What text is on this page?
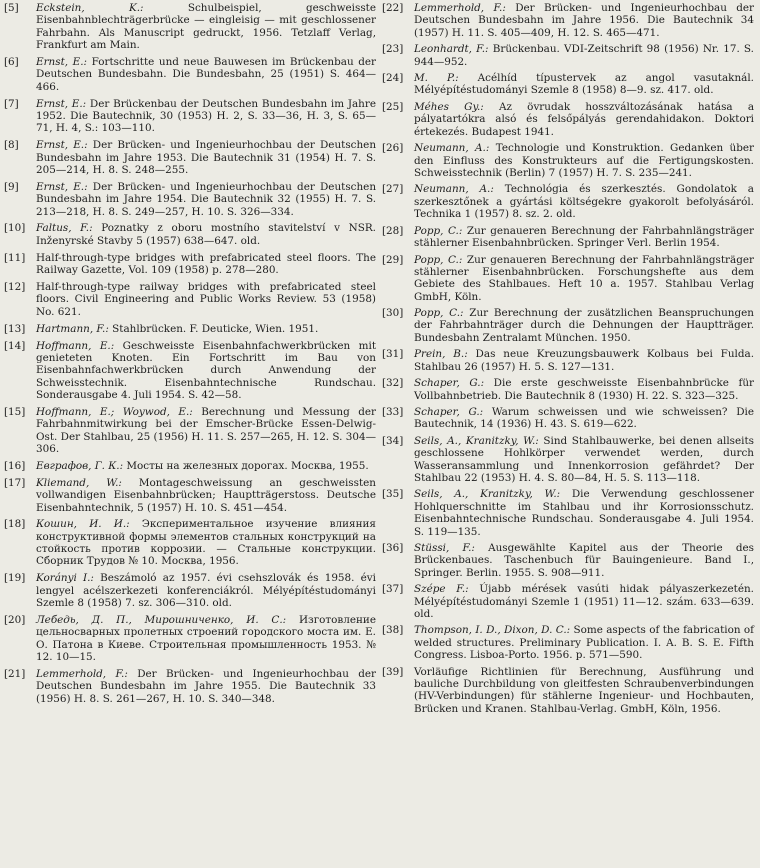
[5]	Eckstein, K.: Schulbeispiel, geschweisste Eisenbahnblechträgerbrücke — eingleisig — mit geschlossener Fahrbahn. Als Manuscript gedruckt, 1956. Tetzlaff Verlag, Frankfurt am Main.
[6]	Ernst, E.: Fortschritte und neue Bauwesen im Brückenbau der Deutschen Bundesbahn. Die Bundesbahn, 25 (1951) S. 464—466.
[7]	Ernst, E.: Der Brückenbau der Deutschen Bundesbahn im Jahre 1952. Die Bautechnik, 30 (1953) H. 2, S. 33—36, H. 3, S. 65—71, H. 4, S.: 103—110.
[8]	Ernst, E.: Der Brücken- und Ingenieurhochbau der Deutschen Bundesbahn im Jahre 1953. Die Bautechnik 31 (1954) H. 7. S. 205—214, H. 8. S. 248—255.
[9]	Ernst, E.: Der Brücken- und Ingenieurhochbau der Deutschen Bundesbahn im Jahre 1954. Die Bautechnik 32 (1955) H. 7. S. 213—218, H. 8. S. 249—257, H. 10. S. 326—334.
[10]	Faltus, F.: Poznatky z oboru mostního stavitelství v NSR. Inženyrské Stavby 5 (1957) 638—647. old.
[11]	Half-through-type bridges with prefabricated steel floors. The Railway Gazette, Vol. 109 (1958) p. 278—280.
[12]	Half-through-type railway bridges with prefabricated steel floors. Civil Engineering and Public Works Review. 53 (1958) No. 621.
[13]	Hartmann, F.: Stahlbrücken. F. Deuticke, Wien. 1951.
[14]	Hoffmann, E.: Geschweisste Eisenbahnfachwerkbrücken mit genieteten Knoten. Ein Fortschritt im Bau von Eisenbahnfachwerkbrücken durch Anwendung der Schweisstechnik. Eisenbahntechnische Rundschau. Sonderausgabe 4. Juli 1954. S. 42—58.
[15]	Hoffmann, E.; Woywod, E.: Berechnung und Messung der Fahrbahnmitwirkung bei der Emscher-Brücke Essen-Delwig-Ost. Der Stahlbau, 25 (1956) H. 11. S. 257—265, H. 12. S. 304—306.
[16]	Евграфов, Г. К.: Мосты на железных дорогах. Москва, 1955.
[17]	Kliemand, W.: Montageschweissung an geschweissten vollwandigen Eisenbahnbrücken; Hauptträgerstoss. Deutsche Eisenbahntechnik, 5 (1957) H. 10. S. 451—454.
[18]	Кошин, И. И.: Экспериментальное изучение влияния конструктивной формы элементов стальных конструкций на стойкость против коррозии. — Стальные конструкции. Сборник Трудов № 10. Москва, 1956.
[19]	Korányi I.: Beszámoló az 1957. évi csehszlovák és 1958. évi lengyel acélszerkezeti konferenciákról. Mélyépítéstudományi Szemle 8 (1958) 7. sz. 306—310. old.
[20]	Лебедь, Д. П., Мирошниченко, И. С.: Изготовление цельносварных пролетных строений городского моста им. Е. О. Патона в Киеве. Строительная промышленность 1953. № 12. 10—15.
[21]	Lemmerhold, F.: Der Brücken- und Ingenieurhochbau der Deutschen Bundesbahn im Jahre 1955. Die Bautechnik 33 (1956) H. 8. S. 261—267, H. 10. S. 340—348.
[22]	Lemmerhold, F.: Der Brücken- und Ingenieurhochbau der Deutschen Bundesbahn im Jahre 1956. Die Bautechnik 34 (1957) H. 11. S. 405—409, H. 12. S. 465—471.
[23]	Leonhardt, F.: Brückenbau. VDI-Zeitschrift 98 (1956) Nr. 17. S. 944—952.
[24]	M. P.: Acélhíd típustervek az angol vasutaknál. Mélyépítéstudományi Szemle 8 (1958) 8—9. sz. 417. old.
[25]	Méhes Gy.: Az övrudak hosszváltozásának hatása a pályatartókra alsó és felsőpályás gerendahidakon. Doktori értekezés. Budapest 1941.
[26]	Neumann, A.: Technologie und Konstruktion. Gedanken über den Einfluss des Konstrukteurs auf die Fertigungskosten. Schweisstechnik (Berlin) 7 (1957) H. 7. S. 235—241.
[27]	Neumann, A.: Technológia és szerkesztés. Gondolatok a szerkesztőnek a gyártási költségekre gyakorolt befolyásáról. Technika 1 (1957) 8. sz. 2. old.
[28]	Popp, C.: Zur genaueren Berechnung der Fahrbahnlängsträger stählerner Eisenbahnbrücken. Springer Verl. Berlin 1954.
[29]	Popp, C.: Zur genaueren Berechnung der Fahrbahnlängsträger stählerner Eisenbahnbrücken. Forschungshefte aus dem Gebiete des Stahlbaues. Heft 10 a. 1957. Stahlbau Verlag GmbH, Köln.
[30]	Popp, C.: Zur Berechnung der zusätzlichen Beanspruchungen der Fahrbahnträger durch die Dehnungen der Hauptträger. Bundesbahn Zentralamt München. 1950.
[31]	Prein, B.: Das neue Kreuzungsbauwerk Kolbaus bei Fulda. Stahlbau 26 (1957) H. 5. S. 127—131.
[32]	Schaper, G.: Die erste geschweisste Eisenbahnbrücke für Vollbahnbetrieb. Die Bautechnik 8 (1930) H. 22. S. 323—325.
[33]	Schaper, G.: Warum schweissen und wie schweissen? Die Bautechnik, 14 (1936) H. 43. S. 619—622.
[34]	Seils, A., Kranitzky, W.: Sind Stahlbauwerke, bei denen allseits geschlossene Hohlkörper verwendet werden, durch Wasseransammlung und Innenkorrosion gefährdet? Der Stahlbau 22 (1953) H. 4. S. 80—84, H. 5. S. 113—118.
[35]	Seils, A., Kranitzky, W.: Die Verwendung geschlossener Hohlquerschnitte im Stahlbau und ihr Korrosionsschutz. Eisenbahntechnische Rundschau. Sonderausgabe 4. Juli 1954. S. 119—135.
[36]	Stüssi, F.: Ausgewählte Kapitel aus der Theorie des Brückenbaues. Taschenbuch für Bauingenieure. Band I., Springer. Berlin. 1955. S. 908—911.
[37]	Szépe F.: Újabb mérések vasúti hidak pályaszerkezetén. Mélyépítéstudományi Szemle 1 (1951) 11—12. szám. 633—639. old.
[38]	Thompson, I. D., Dixon, D. C.: Some aspects of the fabrication of welded structures. Preliminary Publication. I. A. B. S. E. Fifth Congress. Lisboa-Porto. 1956. p. 571—590.
[39]	Vorläufige Richtlinien für Berechnung, Ausführung und bauliche Durchbildung von gleitfesten Schraubenverbindungen (HV-Verbindungen) für stählerne Ingenieur- und Hochbauten, Brücken und Kranen. Stahlbau-Verlag. GmbH, Köln, 1956.
